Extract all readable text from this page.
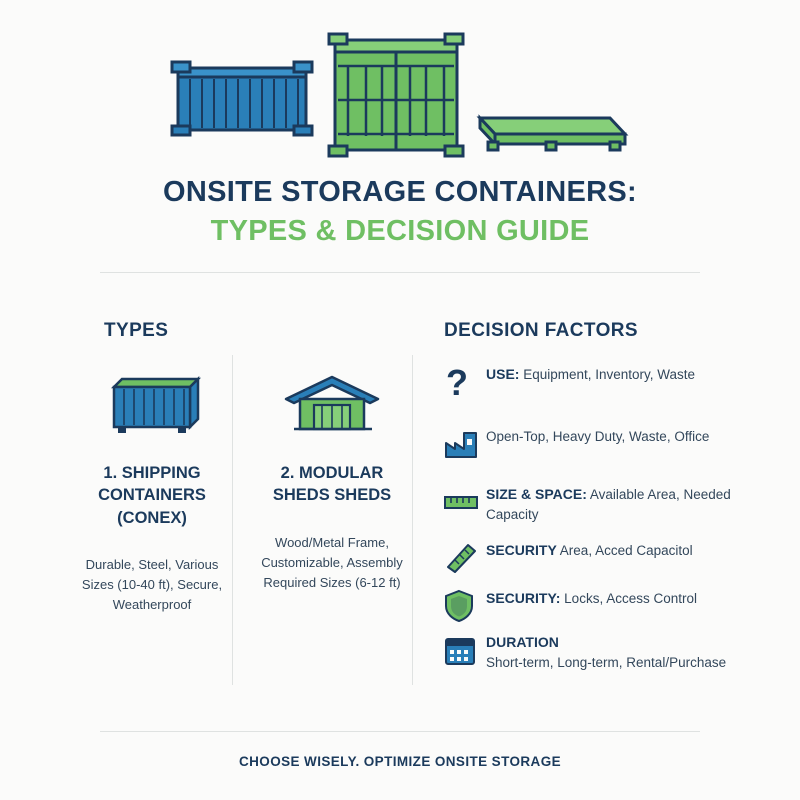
ONSITE STORAGE CONTAINERS:
TYPES & DECISION GUIDE
TYPES	DECISION FACTORS
1. SHIPPING CONTAINERS (CONEX)
Durable, Steel, Various Sizes (10-40 ft), Secure, Weatherproof
2. MODULAR SHEDS SHEDS
Wood/Metal Frame, Customizable, Assembly Required Sizes (6-12 ft)
? USE: Equipment, Inventory, Waste
Open-Top, Heavy Duty, Waste, Office
SIZE & SPACE: Available Area, Needed Capacity
SECURITY Area, Acced Capacitol
SECURITY: Locks, Access Control
DURATION
Short-term, Long-term, Rental/Purchase
CHOOSE WISELY. OPTIMIZE ONSITE STORAGE
